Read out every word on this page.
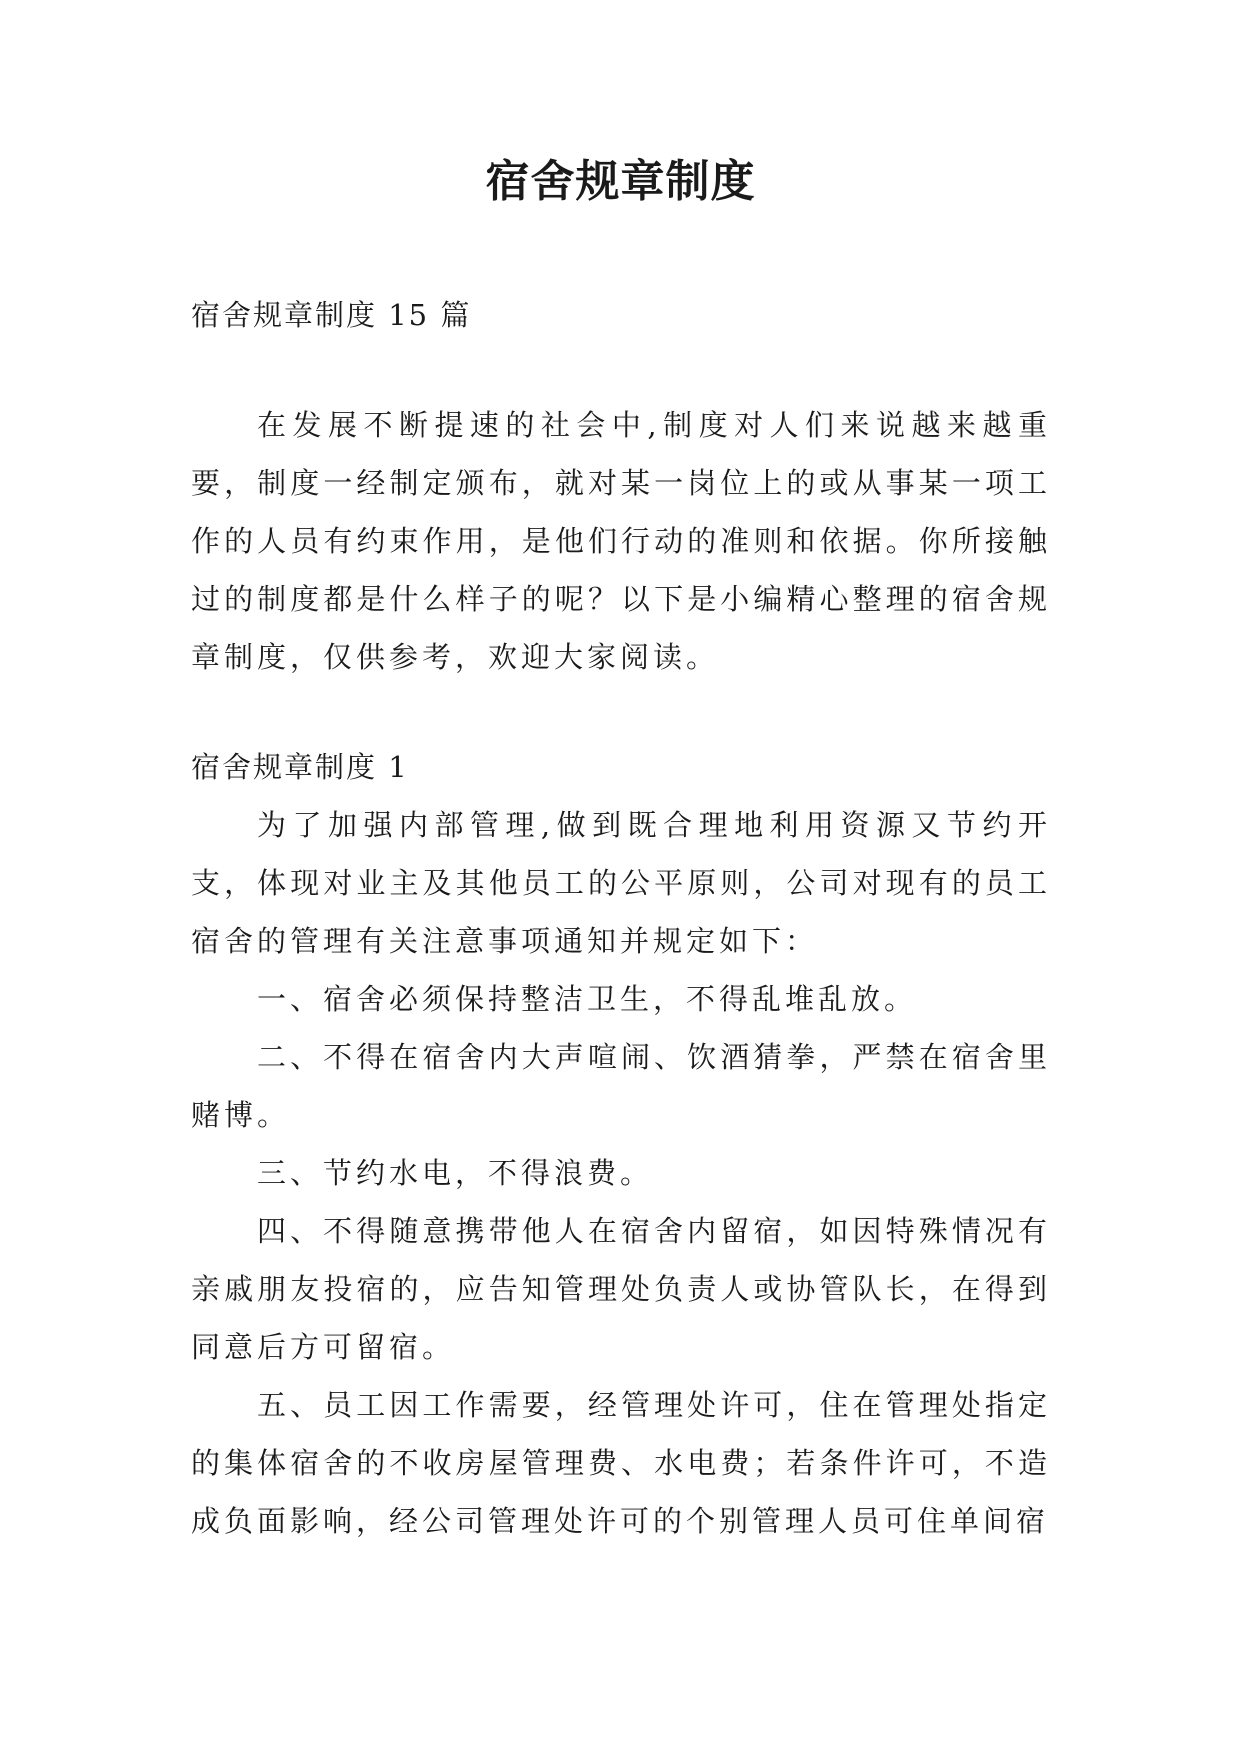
宿舍规章制度

宿舍规章制度 15 篇

在发展不断提速的社会中,制度对人们来说越来越重要，制度一经制定颁布，就对某一岗位上的或从事某一项工作的人员有约束作用，是他们行动的准则和依据。你所接触过的制度都是什么样子的呢？以下是小编精心整理的宿舍规章制度，仅供参考，欢迎大家阅读。

宿舍规章制度 1

为了加强内部管理,做到既合理地利用资源又节约开支，体现对业主及其他员工的公平原则，公司对现有的员工宿舍的管理有关注意事项通知并规定如下：

一、宿舍必须保持整洁卫生，不得乱堆乱放。

二、不得在宿舍内大声喧闹、饮酒猜拳，严禁在宿舍里赌博。

三、节约水电，不得浪费。

四、不得随意携带他人在宿舍内留宿，如因特殊情况有亲戚朋友投宿的，应告知管理处负责人或协管队长，在得到同意后方可留宿。

五、员工因工作需要，经管理处许可，住在管理处指定的集体宿舍的不收房屋管理费、水电费；若条件许可，不造成负面影响，经公司管理处许可的个别管理人员可住单间宿
